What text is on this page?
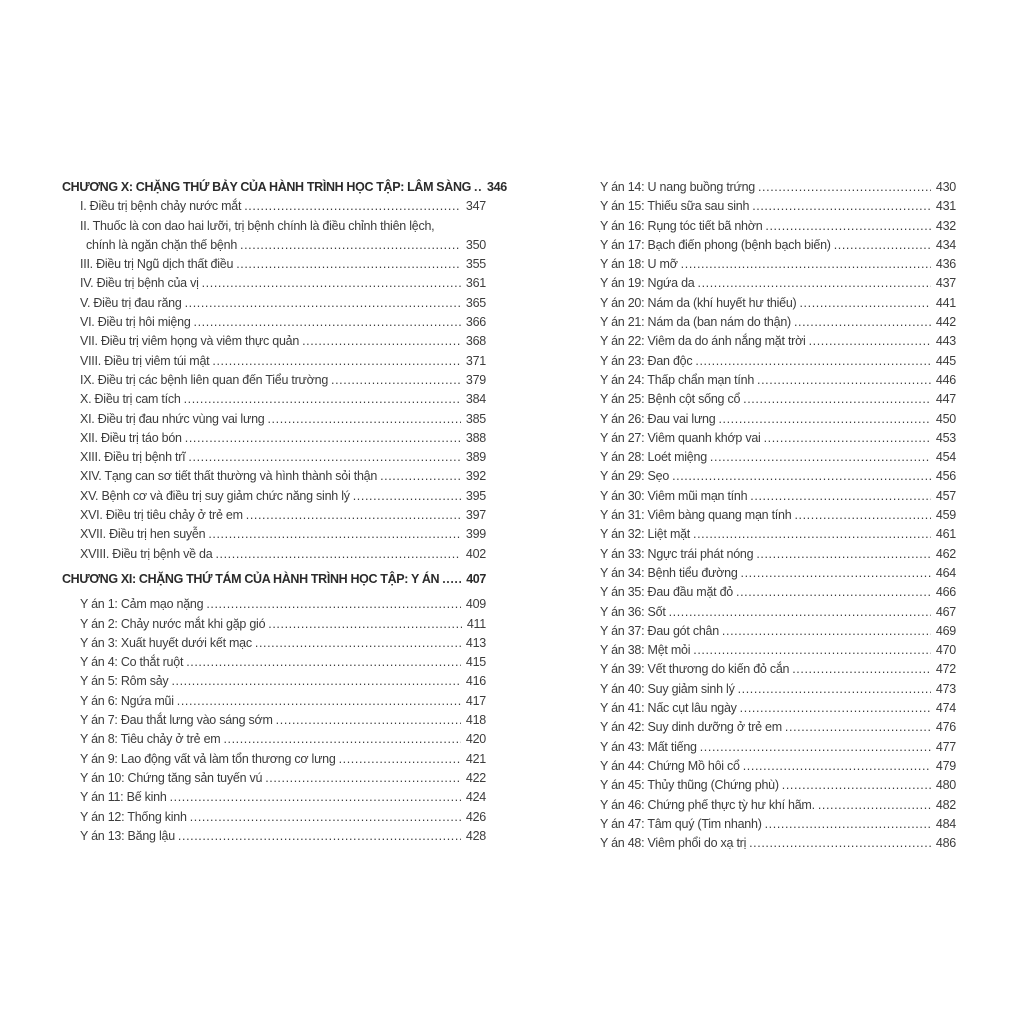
CHƯƠNG X: CHẶNG THỨ BẢY CỦA HÀNH TRÌNH HỌC TẬP: LÂM SÀNG ..... 346
I. Điều trị bệnh chảy nước mắt .....	347
II. Thuốc là con dao hai lưỡi, trị bệnh chính là điều chỉnh thiên lệch,
chính là ngăn chặn thế bệnh .....	350
III. Điều trị Ngũ dịch thất điều .....	355
IV. Điều trị bệnh của vị .....	361
V. Điều trị đau răng .....	365
VI. Điều trị hôi miệng .....	366
VII. Điều trị viêm họng và viêm thực quản .....	368
VIII. Điều trị viêm túi mật .....	371
IX. Điều trị các bệnh liên quan đến Tiểu trường .....	379
X. Điều trị cam tích .....	384
XI. Điều trị đau nhức vùng vai lưng .....	385
XII. Điều trị táo bón .....	388
XIII. Điều trị bệnh trĩ .....	389
XIV. Tạng can sơ tiết thất thường và hình thành sỏi thận .....	392
XV. Bệnh cơ và điều trị suy giảm chức năng sinh lý .....	395
XVI. Điều trị tiêu chảy ở trẻ em .....	397
XVII. Điều trị hen suyễn .....	399
XVIII. Điều trị bệnh về da .....	402
CHƯƠNG XI: CHẶNG THỨ TÁM CỦA HÀNH TRÌNH HỌC TẬP: Y ÁN ..... 407
Y án 1: Cảm mạo nặng .....	409
Y án 2: Chảy nước mắt khi gặp gió .....	411
Y án 3: Xuất huyết dưới kết mạc .....	413
Y án 4: Co thắt ruột .....	415
Y án 5: Rôm sảy .....	416
Y án 6: Ngứa mũi .....	417
Y án 7: Đau thắt lưng vào sáng sớm .....	418
Y án 8: Tiêu chảy ở trẻ em .....	420
Y án 9: Lao động vất vả làm tổn thương cơ lưng .....	421
Y án 10: Chứng tăng sản tuyến vú .....	422
Y án 11: Bế kinh .....	424
Y án 12: Thống kinh .....	426
Y án 13: Băng lậu .....	428
Y án 14: U nang buồng trứng .....	430
Y án 15: Thiếu sữa sau sinh .....	431
Y án 16: Rụng tóc tiết bã nhờn .....	432
Y án 17: Bạch điến phong (bệnh bạch biến) .....	434
Y án 18: U mỡ .....	436
Y án 19: Ngứa da .....	437
Y án 20: Nám da (khí huyết hư thiếu) .....	441
Y án 21: Nám da (ban nám do thận) .....	442
Y án 22: Viêm da do ánh nắng mặt trời .....	443
Y án 23: Đan độc .....	445
Y án 24: Thấp chẩn mạn tính .....	446
Y án 25: Bệnh cột sống cổ .....	447
Y án 26: Đau vai lưng .....	450
Y án 27: Viêm quanh khớp vai .....	453
Y án 28: Loét miệng .....	454
Y án 29: Sẹo .....	456
Y án 30: Viêm mũi mạn tính .....	457
Y án 31: Viêm bàng quang mạn tính .....	459
Y án 32: Liệt mặt .....	461
Y án 33: Ngực trái phát nóng .....	462
Y án 34: Bệnh tiểu đường .....	464
Y án 35: Đau đầu mặt đỏ .....	466
Y án 36: Sốt .....	467
Y án 37: Đau gót chân .....	469
Y án 38: Mệt mỏi .....	470
Y án 39: Vết thương do kiến đỏ cắn .....	472
Y án 40: Suy giảm sinh lý .....	473
Y án 41: Nấc cụt lâu ngày .....	474
Y án 42: Suy dinh dưỡng ở trẻ em .....	476
Y án 43: Mất tiếng .....	477
Y án 44: Chứng Mồ hôi cổ .....	479
Y án 45: Thủy thũng (Chứng phù) .....	480
Y án 46: Chứng phế thực tỳ hư khí hãm. .....	482
Y án 47: Tâm quý (Tim nhanh) .....	484
Y án 48: Viêm phổi do xạ trị .....	486
